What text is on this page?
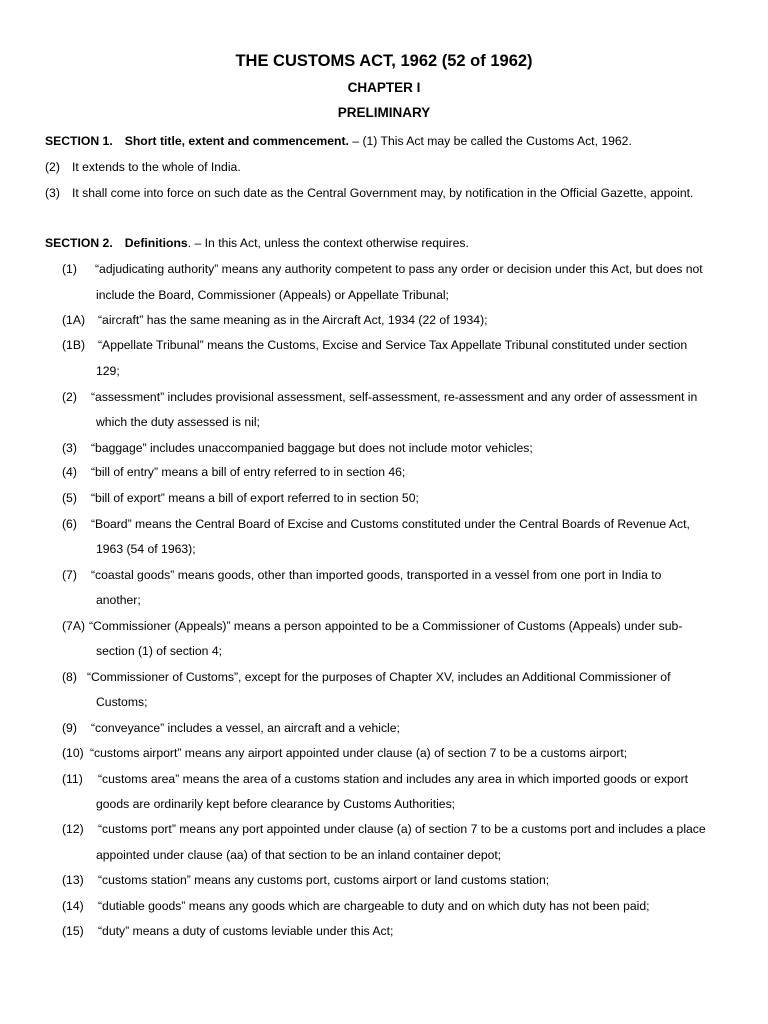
THE CUSTOMS ACT, 1962 (52 of 1962)
CHAPTER I
PRELIMINARY
SECTION 1. Short title, extent and commencement. – (1) This Act may be called the Customs Act, 1962.
(2) It extends to the whole of India.
(3) It shall come into force on such date as the Central Government may, by notification in the Official Gazette, appoint.
SECTION 2. Definitions. – In this Act, unless the context otherwise requires.
(1) “adjudicating authority” means any authority competent to pass any order or decision under this Act, but does not
include the Board, Commissioner (Appeals) or Appellate Tribunal;
(1A) “aircraft” has the same meaning as in the Aircraft Act, 1934 (22 of 1934);
(1B) “Appellate Tribunal” means the Customs, Excise and Service Tax Appellate Tribunal constituted under section
129;
(2) “assessment” includes provisional assessment, self-assessment, re-assessment and any order of assessment in
which the duty assessed is nil;
(3) “baggage” includes unaccompanied baggage but does not include motor vehicles;
(4) “bill of entry” means a bill of entry referred to in section 46;
(5) “bill of export” means a bill of export referred to in section 50;
(6) “Board” means the Central Board of Excise and Customs constituted under the Central Boards of Revenue Act,
1963 (54 of 1963);
(7) “coastal goods” means goods, other than imported goods, transported in a vessel from one port in India to
another;
(7A) “Commissioner (Appeals)” means a person appointed to be a Commissioner of Customs (Appeals) under sub-
section (1) of section 4;
(8) “Commissioner of Customs”, except for the purposes of Chapter XV, includes an Additional Commissioner of
Customs;
(9) “conveyance” includes a vessel, an aircraft and a vehicle;
(10) “customs airport” means any airport appointed under clause (a) of section 7 to be a customs airport;
(11) “customs area” means the area of a customs station and includes any area in which imported goods or export
goods are ordinarily kept before clearance by Customs Authorities;
(12) “customs port” means any port appointed under clause (a) of section 7 to be a customs port and includes a place
appointed under clause (aa) of that section to be an inland container depot;
(13) “customs station” means any customs port, customs airport or land customs station;
(14) “dutiable goods” means any goods which are chargeable to duty and on which duty has not been paid;
(15) “duty” means a duty of customs leviable under this Act;
